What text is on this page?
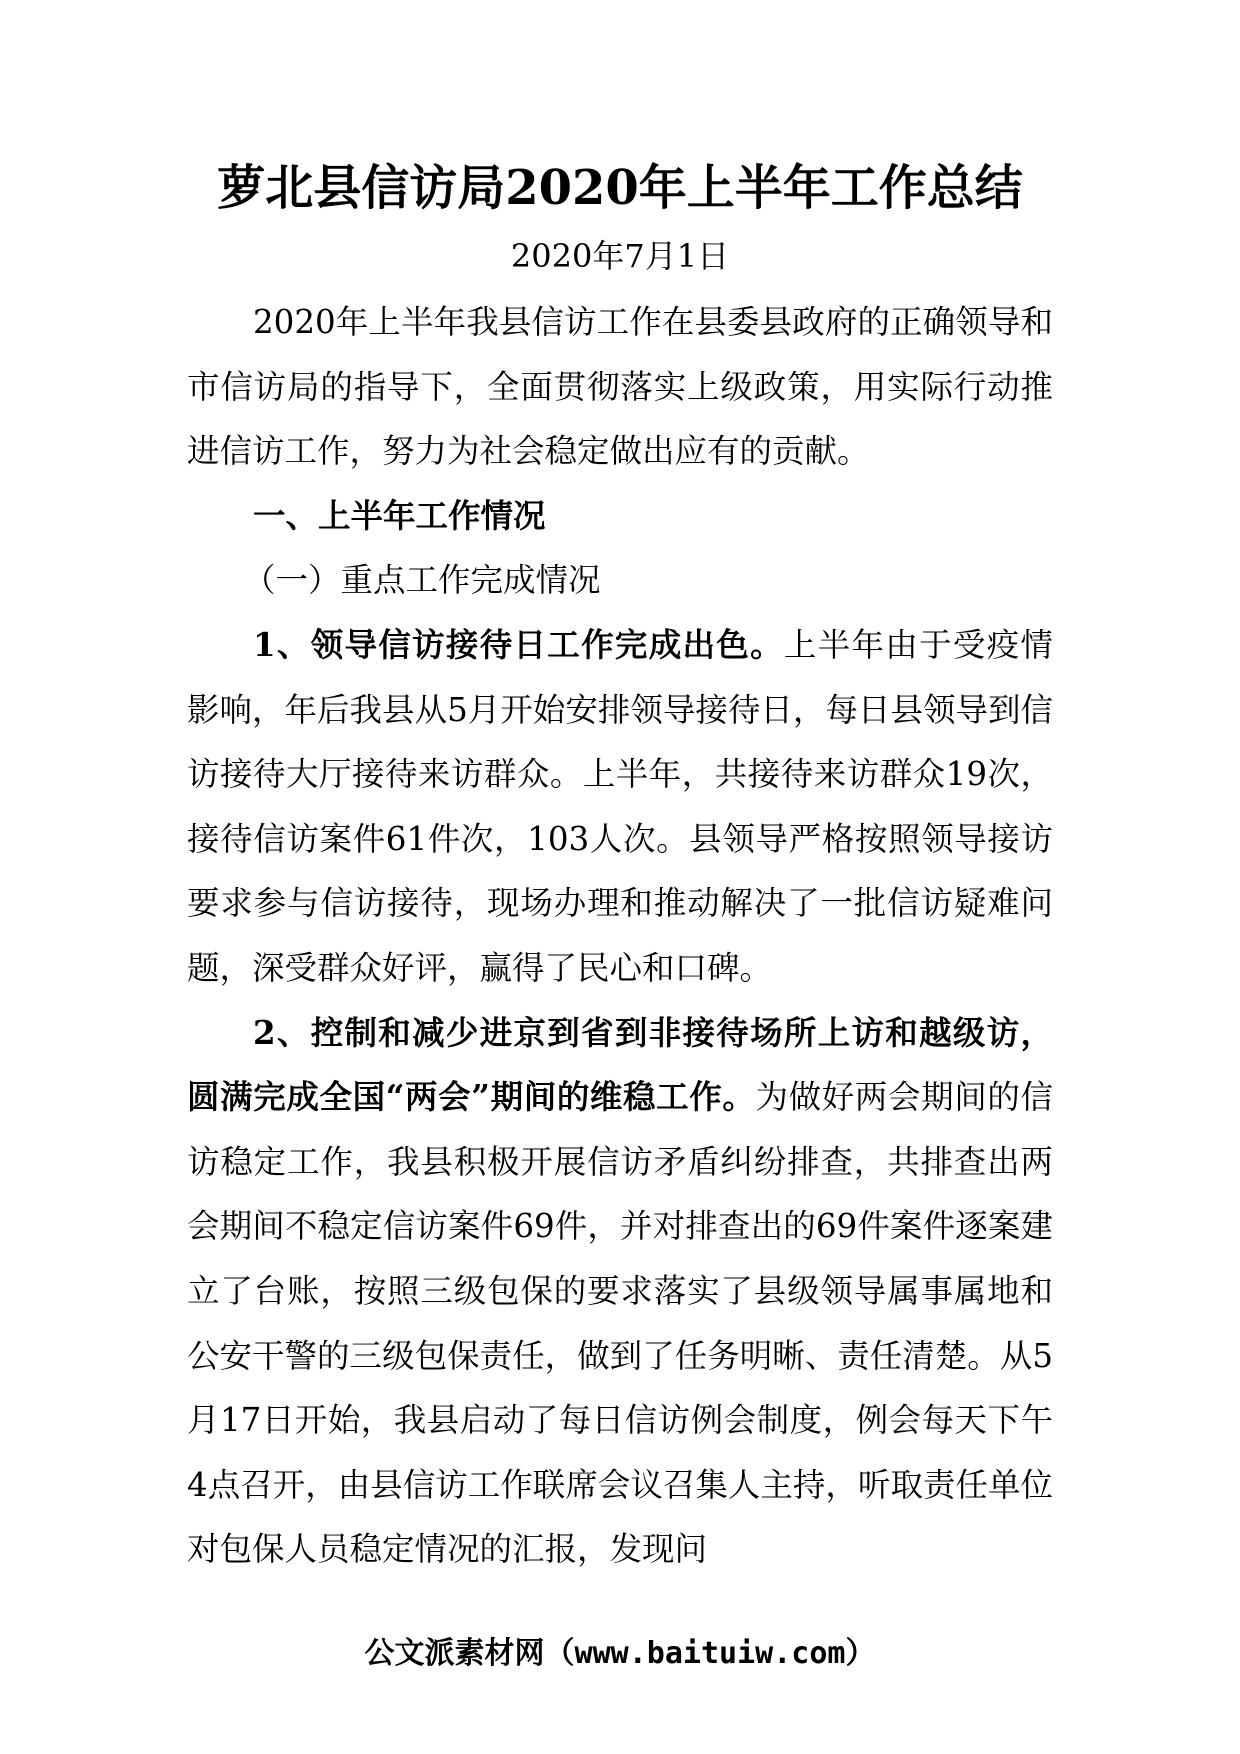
萝北县信访局2020年上半年工作总结
2020年7月1日

2020年上半年我县信访工作在县委县政府的正确领导和市信访局的指导下，全面贯彻落实上级政策，用实际行动推进信访工作，努力为社会稳定做出应有的贡献。

一、上半年工作情况

（一）重点工作完成情况

1、领导信访接待日工作完成出色。上半年由于受疫情影响，年后我县从5月开始安排领导接待日，每日县领导到信访接待大厅接待来访群众。上半年，共接待来访群众19次，接待信访案件61件次，103人次。县领导严格按照领导接访要求参与信访接待，现场办理和推动解决了一批信访疑难问题，深受群众好评，赢得了民心和口碑。

2、控制和减少进京到省到非接待场所上访和越级访，圆满完成全国“两会”期间的维稳工作。为做好两会期间的信访稳定工作，我县积极开展信访矛盾纠纷排查，共排查出两会期间不稳定信访案件69件，并对排查出的69件案件逐案建立了台账，按照三级包保的要求落实了县级领导属事属地和公安干警的三级包保责任，做到了任务明晰、责任清楚。从5月17日开始，我县启动了每日信访例会制度，例会每天下午4点召开，由县信访工作联席会议召集人主持，听取责任单位对包保人员稳定情况的汇报，发现问

公文派素材网（www.baituiw.com）
